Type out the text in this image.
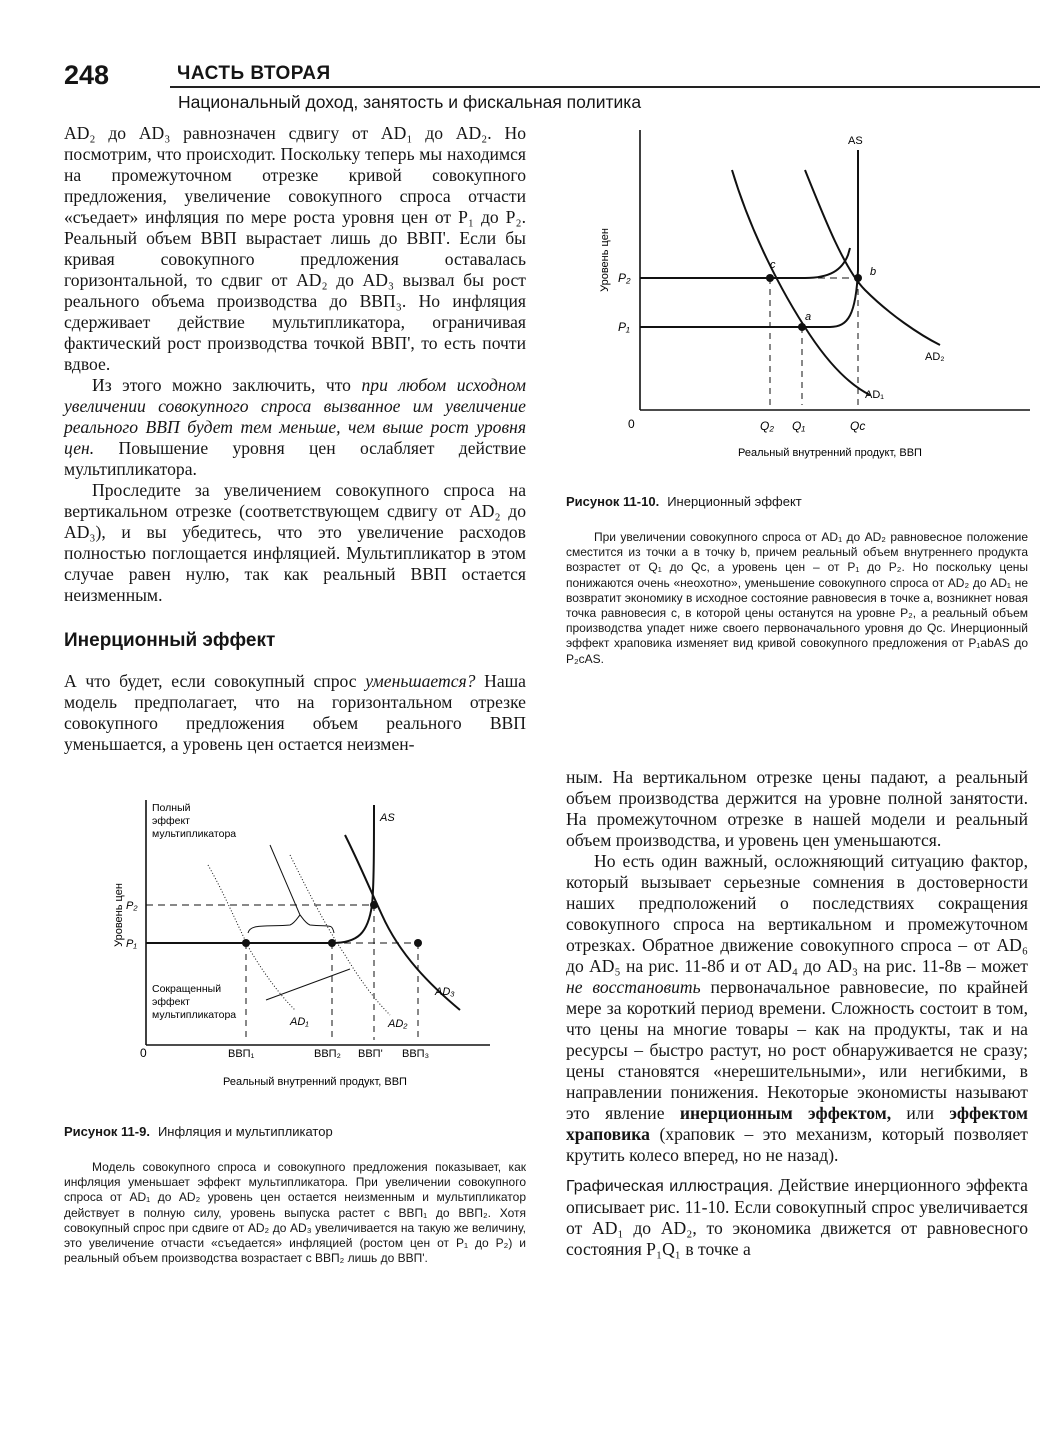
248	ЧАСТЬ ВТОРАЯ
Национальный доход, занятость и фискальная политика

AD₂ до AD₃ равнозначен сдвигу от AD₁ до AD₂. Но посмотрим, что происходит. Поскольку теперь мы находимся на промежуточном отрезке кривой совокупного предложения, увеличение совокупного спроса отчасти «съедает» инфляция по мере роста уровня цен от P₁ до P₂. Реальный объем ВВП вырастает лишь до ВВП'. Если бы кривая совокупного предложения оставалась горизонтальной, то сдвиг от AD₂ до AD₃ вызвал бы рост реального объема производства до ВВП₃. Но инфляция сдерживает действие мультипликатора, ограничивая фактический рост производства точкой ВВП', то есть почти вдвое.

Из этого можно заключить, что при любом исходном увеличении совокупного спроса вызванное им увеличение реального ВВП будет тем меньше, чем выше рост уровня цен. Повышение уровня цен ослабляет действие мультипликатора.

Проследите за увеличением совокупного спроса на вертикальном отрезке (соответствующем сдвигу от AD₂ до AD₃), и вы убедитесь, что это увеличение расходов полностью поглощается инфляцией. Мультипликатор в этом случае равен нулю, так как реальный ВВП остается неизменным.

Инерционный эффект

А что будет, если совокупный спрос уменьшается? Наша модель предполагает, что на горизонтальном отрезке совокупного предложения объем реального ВВП уменьшается, а уровень цен остается неизмен-

Уровень цен
0
c
b
a
AS
AD₁
AD₂
P₂
P₁
Q₂ Q₁	Qc
Реальный внутренний продукт, ВВП
Рисунок 11-10. Инерционный эффект

При увеличении совокупного спроса от AD₁ до AD₂ равновесное положение сместится из точки a в точку b, причем реальный объем внутреннего продукта возрастет от Q₁ до Qc, а уровень цен – от P₁ до P₂. Но поскольку цены понижаются очень «неохотно», уменьшение совокупного спроса от AD₂ до AD₁ не возвратит экономику в исходное состояние равновесия в точке a, возникнет новая точка равновесия c, в которой цены останутся на уровне P₂, а реальный объем производства упадет ниже своего первоначального уровня до Qc. Инерционный эффект храповика изменяет вид кривой совокупного предложения от P₁abAS до P₂cAS.

ным. На вертикальном отрезке цены падают, а реальный объем производства держится на уровне полной занятости. На промежуточном отрезке в нашей модели и реальный объем производства, и уровень цен уменьшаются.

Но есть один важный, осложняющий ситуацию фактор, который вызывает серьезные сомнения в достоверности наших предположений о последствиях сокращения совокупного спроса на вертикальном и промежуточном отрезках. Обратное движение совокупного спроса – от AD₆ до AD₅ на рис. 11-8б и от AD₄ до AD₃ на рис. 11-8в – может не восстановить первоначальное равновесие, по крайней мере за короткий период времени. Сложность состоит в том, что цены на многие товары – как на продукты, так и на ресурсы – быстро растут, но рост обнаруживается не сразу; цены становятся «нерешительными», или негибкими, в направлении понижения. Некоторые экономисты называют это явление инерционным эффектом, или эффектом храповика (храповик – это механизм, который позволяет крутить колесо вперед, но не назад).

Графическая иллюстрация. Действие инерционного эффекта описывает рис. 11-10. Если совокупный спрос увеличивается от AD₁ до AD₂, то экономика движется от равновесного состояния P₁Q₁ в точке a

Уровень цен
0
Полный
эффект
мультипликатора
Сокращенный
эффект
мультипликатора
AS
AD₁	AD₂
AD₃
P₂
P₁
ВВП₁	ВВП₂ ВВП' ВВП₃
Реальный внутренний продукт, ВВП
Рисунок 11-9. Инфляция и мультипликатор

Модель совокупного спроса и совокупного предложения показывает, как инфляция уменьшает эффект мультипликатора. При увеличении совокупного спроса от AD₁ до AD₂ уровень цен остается неизменным и мультипликатор действует в полную силу, уровень выпуска растет с ВВП₁ до ВВП₂. Хотя совокупный спрос при сдвиге от AD₂ до AD₃ увеличивается на такую же величину, это увеличение отчасти «съедается» инфляцией (ростом цен от P₁ до P₂) и реальный объем производства возрастает с ВВП₂ лишь до ВВП'.
